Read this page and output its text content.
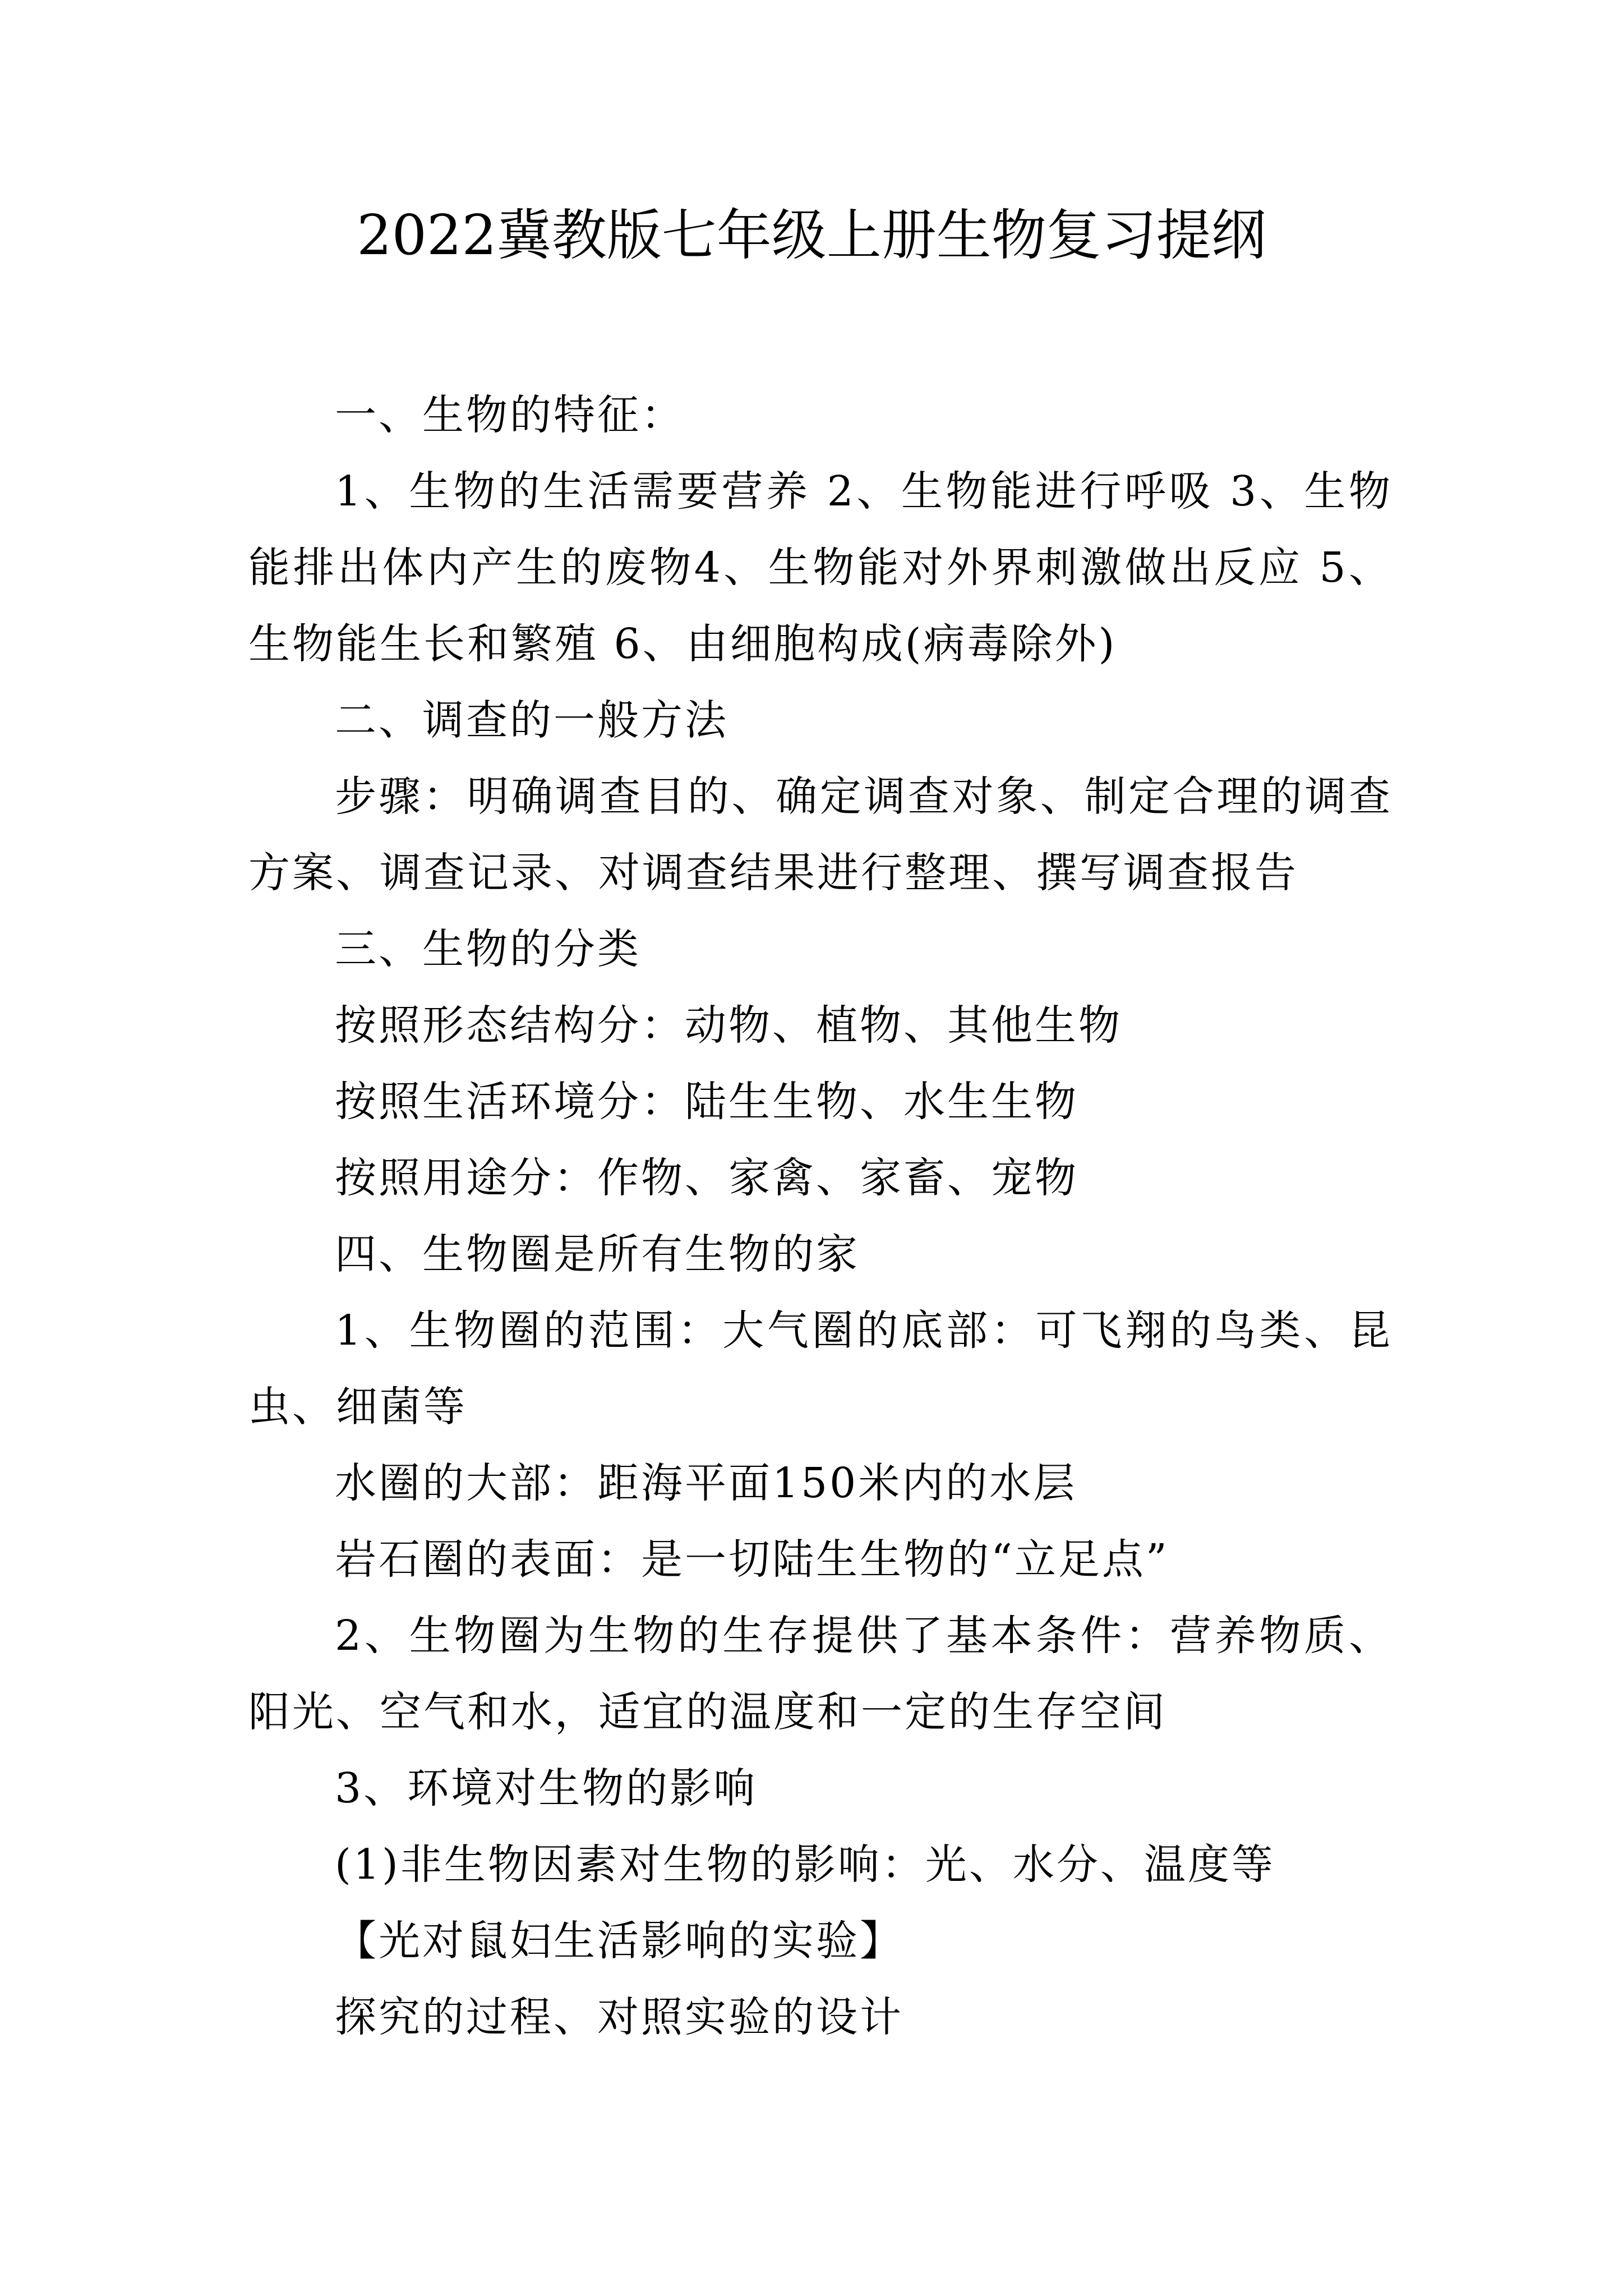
2022冀教版七年级上册生物复习提纲

一、生物的特征：

1、生物的生活需要营养 2、生物能进行呼吸 3、生物能排出体内产生的废物4、生物能对外界刺激做出反应 5、生物能生长和繁殖 6、由细胞构成(病毒除外)

二、调查的一般方法

步骤：明确调查目的、确定调查对象、制定合理的调查方案、调查记录、对调查结果进行整理、撰写调查报告

三、生物的分类

按照形态结构分：动物、植物、其他生物

按照生活环境分：陆生生物、水生生物

按照用途分：作物、家禽、家畜、宠物

四、生物圈是所有生物的家

1、生物圈的范围：大气圈的底部：可飞翔的鸟类、昆虫、细菌等

水圈的大部：距海平面150米内的水层

岩石圈的表面：是一切陆生生物的“立足点”

2、生物圈为生物的生存提供了基本条件：营养物质、阳光、空气和水，适宜的温度和一定的生存空间

3、环境对生物的影响

(1)非生物因素对生物的影响：光、水分、温度等

【光对鼠妇生活影响的实验】

探究的过程、对照实验的设计
